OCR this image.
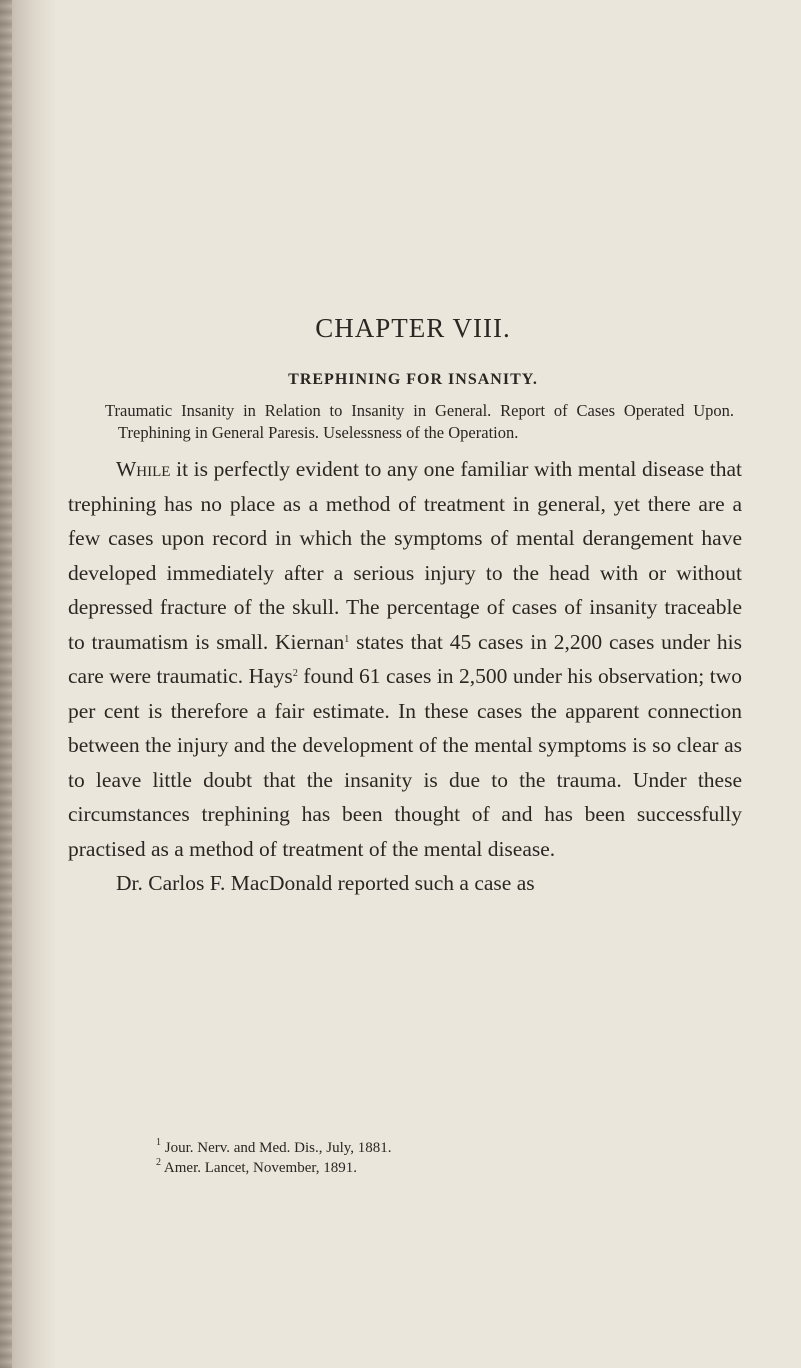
CHAPTER VIII.
TREPHINING FOR INSANITY.

Traumatic Insanity in Relation to Insanity in General. Report of Cases Operated Upon. Trephining in General Paresis. Uselessness of the Operation.

While it is perfectly evident to any one familiar with mental disease that trephining has no place as a method of treatment in general, yet there are a few cases upon record in which the symptoms of mental derangement have developed immediately after a serious injury to the head with or without depressed fracture of the skull. The percentage of cases of insanity traceable to traumatism is small. Kiernan$^1$ states that 45 cases in 2,200 cases under his care were traumatic. Hays$^2$ found 61 cases in 2,500 under his observation; two per cent is therefore a fair estimate. In these cases the apparent connection between the injury and the development of the mental symptoms is so clear as to leave little doubt that the insanity is due to the trauma. Under these circumstances trephining has been thought of and has been successfully practised as a method of treatment of the mental disease.

Dr. Carlos F. MacDonald reported such a case as

$^1$ Jour. Nerv. and Med. Dis., July, 1881.
$^2$ Amer. Lancet, November, 1891.
